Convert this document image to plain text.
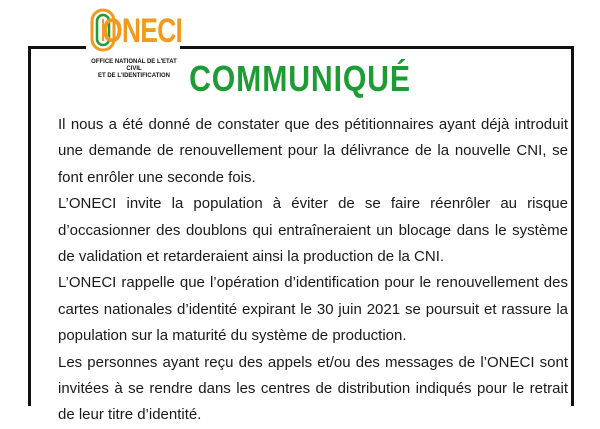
ONECI
OFFICE NATIONAL DE L'ETAT CIVIL
ET DE L'IDENTIFICATION COMMUNIQUÉ

Il nous a été donné de constater que des pétitionnaires ayant déjà introduit une demande de renouvellement pour la délivrance de la nouvelle CNI, se font enrôler une seconde fois.

L’ONECI invite la population à éviter de se faire réenrôler au risque d’occasionner des doublons qui entraîneraient un blocage dans le système de validation et retarderaient ainsi la production de la CNI.

L’ONECI rappelle que l’opération d’identification pour le renouvellement des cartes nationales d’identité expirant le 30 juin 2021 se poursuit et rassure la population sur la maturité du système de production.

Les personnes ayant reçu des appels et/ou des messages de l’ONECI sont invitées à se rendre dans les centres de distribution indiqués pour le retrait de leur titre d’identité.
